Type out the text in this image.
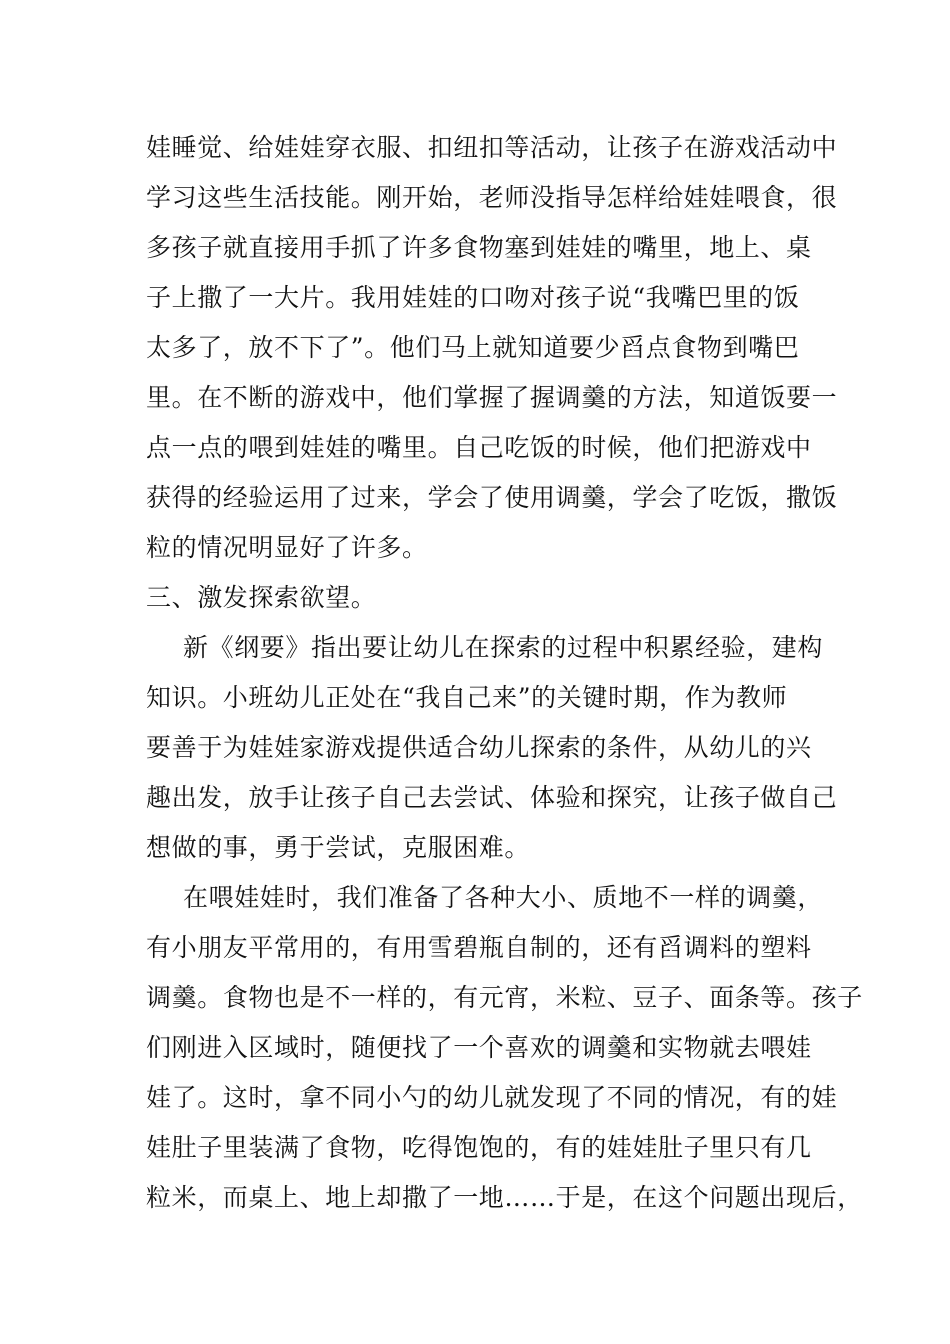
娃睡觉、给娃娃穿衣服、扣纽扣等活动，让孩子在游戏活动中
学习这些生活技能。刚开始，老师没指导怎样给娃娃喂食，很
多孩子就直接用手抓了许多食物塞到娃娃的嘴里，地上、桌
子上撒了一大片。我用娃娃的口吻对孩子说“我嘴巴里的饭
太多了，放不下了”。他们马上就知道要少舀点食物到嘴巴
里。在不断的游戏中，他们掌握了握调羹的方法，知道饭要一
点一点的喂到娃娃的嘴里。自己吃饭的时候，他们把游戏中
获得的经验运用了过来，学会了使用调羹，学会了吃饭，撒饭
粒的情况明显好了许多。
三、激发探索欲望。
新《纲要》指出要让幼儿在探索的过程中积累经验，建构
知识。小班幼儿正处在“我自己来”的关键时期，作为教师
要善于为娃娃家游戏提供适合幼儿探索的条件，从幼儿的兴
趣出发，放手让孩子自己去尝试、体验和探究，让孩子做自己
想做的事，勇于尝试，克服困难。
在喂娃娃时，我们准备了各种大小、质地不一样的调羹，
有小朋友平常用的，有用雪碧瓶自制的，还有舀调料的塑料
调羹。食物也是不一样的，有元宵，米粒、豆子、面条等。孩子
们刚进入区域时，随便找了一个喜欢的调羹和实物就去喂娃
娃了。这时，拿不同小勺的幼儿就发现了不同的情况，有的娃
娃肚子里装满了食物，吃得饱饱的，有的娃娃肚子里只有几
粒米，而桌上、地上却撒了一地……于是，在这个问题出现后，
